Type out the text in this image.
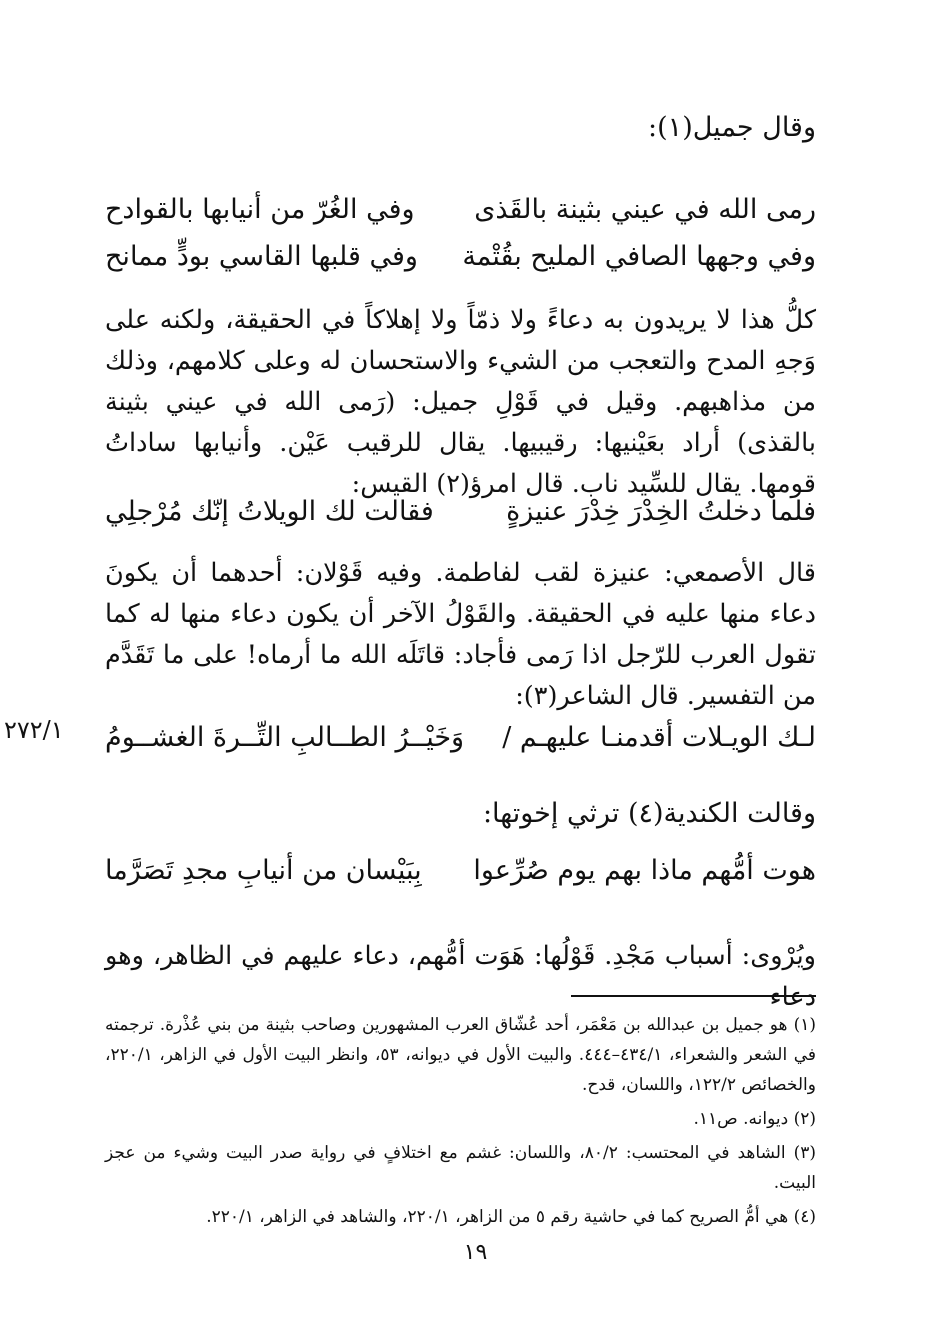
وقال جميل(١):
رمى الله في عيني بثينة بالقَذى
وفي الغُرّ من أنيابها بالقوادح
وفي وجهها الصافي المليح بقُتْمة
وفي قلبها القاسي بودٍّ ممانح
كلُّ هذا لا يريدون به دعاءً ولا ذمّاً ولا إهلاكاً في الحقيقة، ولكنه على وَجهِ المدح والتعجب من الشيء والاستحسان له وعلى كلامهم، وذلك من مذاهبهم. وقيل في قَوْلِ جميل: (رَمى الله في عيني بثينة بالقذى) أراد بعَيْنيها: رقيبيها. يقال للرقيب عَيْن. وأنيابها ساداتُ قومها. يقال للسِّيد ناب. قال امرؤ(٢) القيس:
فلما دخلتُ الخِدْرَ خِدْرَ عنيزةٍ
فقالت لك الويلاتُ إنّك مُرْجلِي
قال الأصمعي: عنيزة لقب لفاطمة. وفيه قَوْلان: أحدهما أن يكونَ دعاء منها عليه في الحقيقة. والقَوْلُ الآخر أن يكون دعاء منها له كما تقول العرب للرّجل اذا رَمى فأجاد: قاتَلَه الله ما أرماه! على ما تَقَدَّم من التفسير. قال الشاعر(٣):
لـك الويـلات أقدمنـا عليهـم /
وَخَيْــرُ الطــالبِ التِّــرةَ الغشــومُ
٢٧٢/١
وقالت الكندية(٤) ترثي إخوتها:
هوت أمُّهم ماذا بهم يوم صُرِّعوا
بِبَيْسان من أنيابِ مجدِ تَصَرَّما
ويُرْوى: أسباب مَجْدِ. قَوْلُها: هَوَت أمُّهم، دعاء عليهم في الظاهر، وهو دعاء

(١) هو جميل بن عبدالله بن مَعْمَر، أحد عُشّاق العرب المشهورين وصاحب بثينة من بني عُذْرة. ترجمته في الشعر والشعراء، ٤٣٤/١–٤٤٤. والبيت الأول في ديوانه، ٥٣، وانظر البيت الأول في الزاهر، ٢٢٠/١، والخصائص ١٢٢/٢، واللسان، قدح.

(٢) ديوانه. ص١١.

(٣) الشاهد في المحتسب: ٨٠/٢، واللسان: غشم مع اختلافٍ في رواية صدر البيت وشيء من عجز البيت.

(٤) هي أمُّ الصريح كما في حاشية رقم ٥ من الزاهر، ٢٢٠/١، والشاهد في الزاهر، ٢٢٠/١.

١٩
